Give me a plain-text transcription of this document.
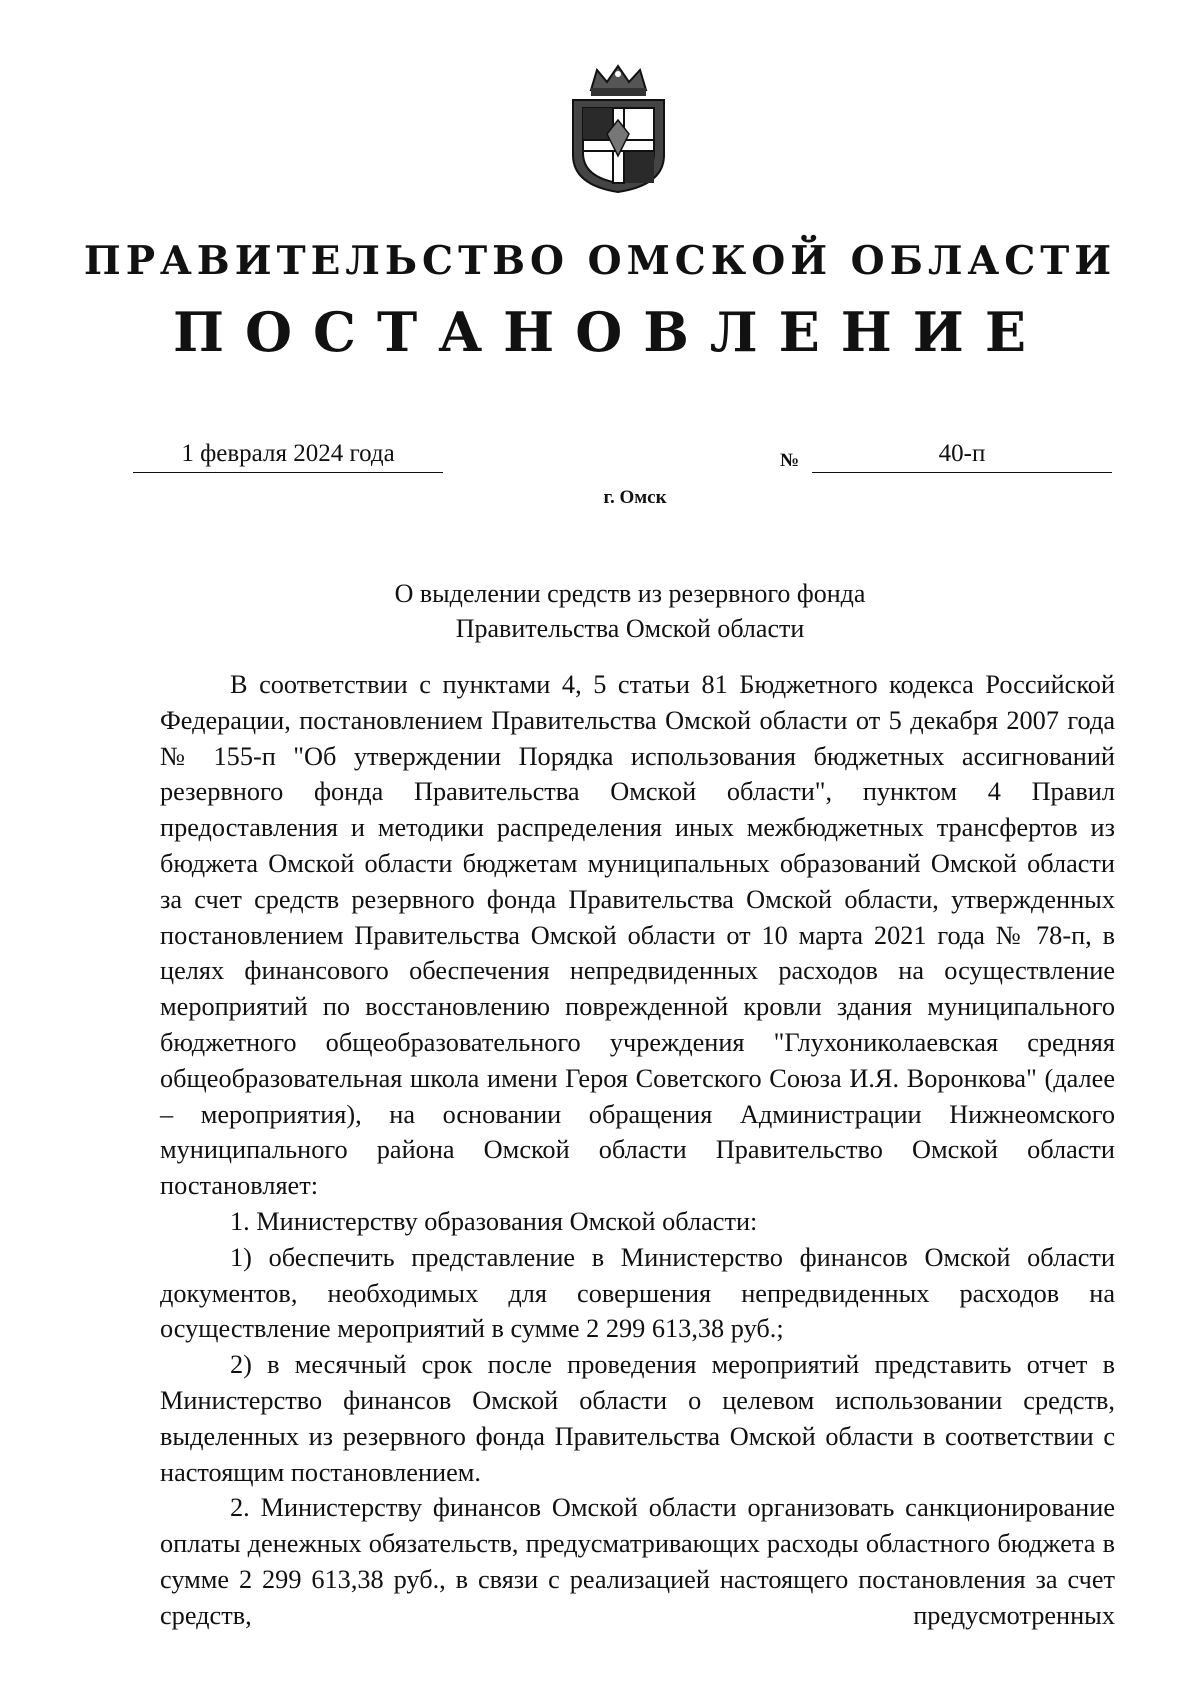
ПРАВИТЕЛЬСТВО ОМСКОЙ ОБЛАСТИ
ПОСТАНОВЛЕНИЕ
1 февраля 2024 года	№	40-п
г. Омск
О выделении средств из резервного фонда
Правительства Омской области

В соответствии с пунктами 4, 5 статьи 81 Бюджетного кодекса Российской Федерации, постановлением Правительства Омской области от 5 декабря 2007 года № 155-п "Об утверждении Порядка использования бюджетных ассигнований резервного фонда Правительства Омской области", пунктом 4 Правил предоставления и методики распределения иных межбюджетных трансфертов из бюджета Омской области бюджетам муниципальных образований Омской области за счет средств резервного фонда Правительства Омской области, утвержденных постановлением Правительства Омской области от 10 марта 2021 года № 78-п, в целях финансового обеспечения непредвиденных расходов на осуществление мероприятий по восстановлению поврежденной кровли здания муниципального бюджетного общеобразовательного учреждения "Глухониколаевская средняя общеобразовательная школа имени Героя Советского Союза И.Я. Воронкова" (далее – мероприятия), на основании обращения Администрации Нижнеомского муниципального района Омской области Правительство Омской области постановляет:

1. Министерству образования Омской области:

1) обеспечить представление в Министерство финансов Омской области документов, необходимых для совершения непредвиденных расходов на осуществление мероприятий в сумме 2 299 613,38 руб.;

2) в месячный срок после проведения мероприятий представить отчет в Министерство финансов Омской области о целевом использовании средств, выделенных из резервного фонда Правительства Омской области в соответствии с настоящим постановлением.

2. Министерству финансов Омской области организовать санкционирование оплаты денежных обязательств, предусматривающих расходы областного бюджета в сумме 2 299 613,38 руб., в связи с реализацией настоящего постановления за счет средств, предусмотренных
